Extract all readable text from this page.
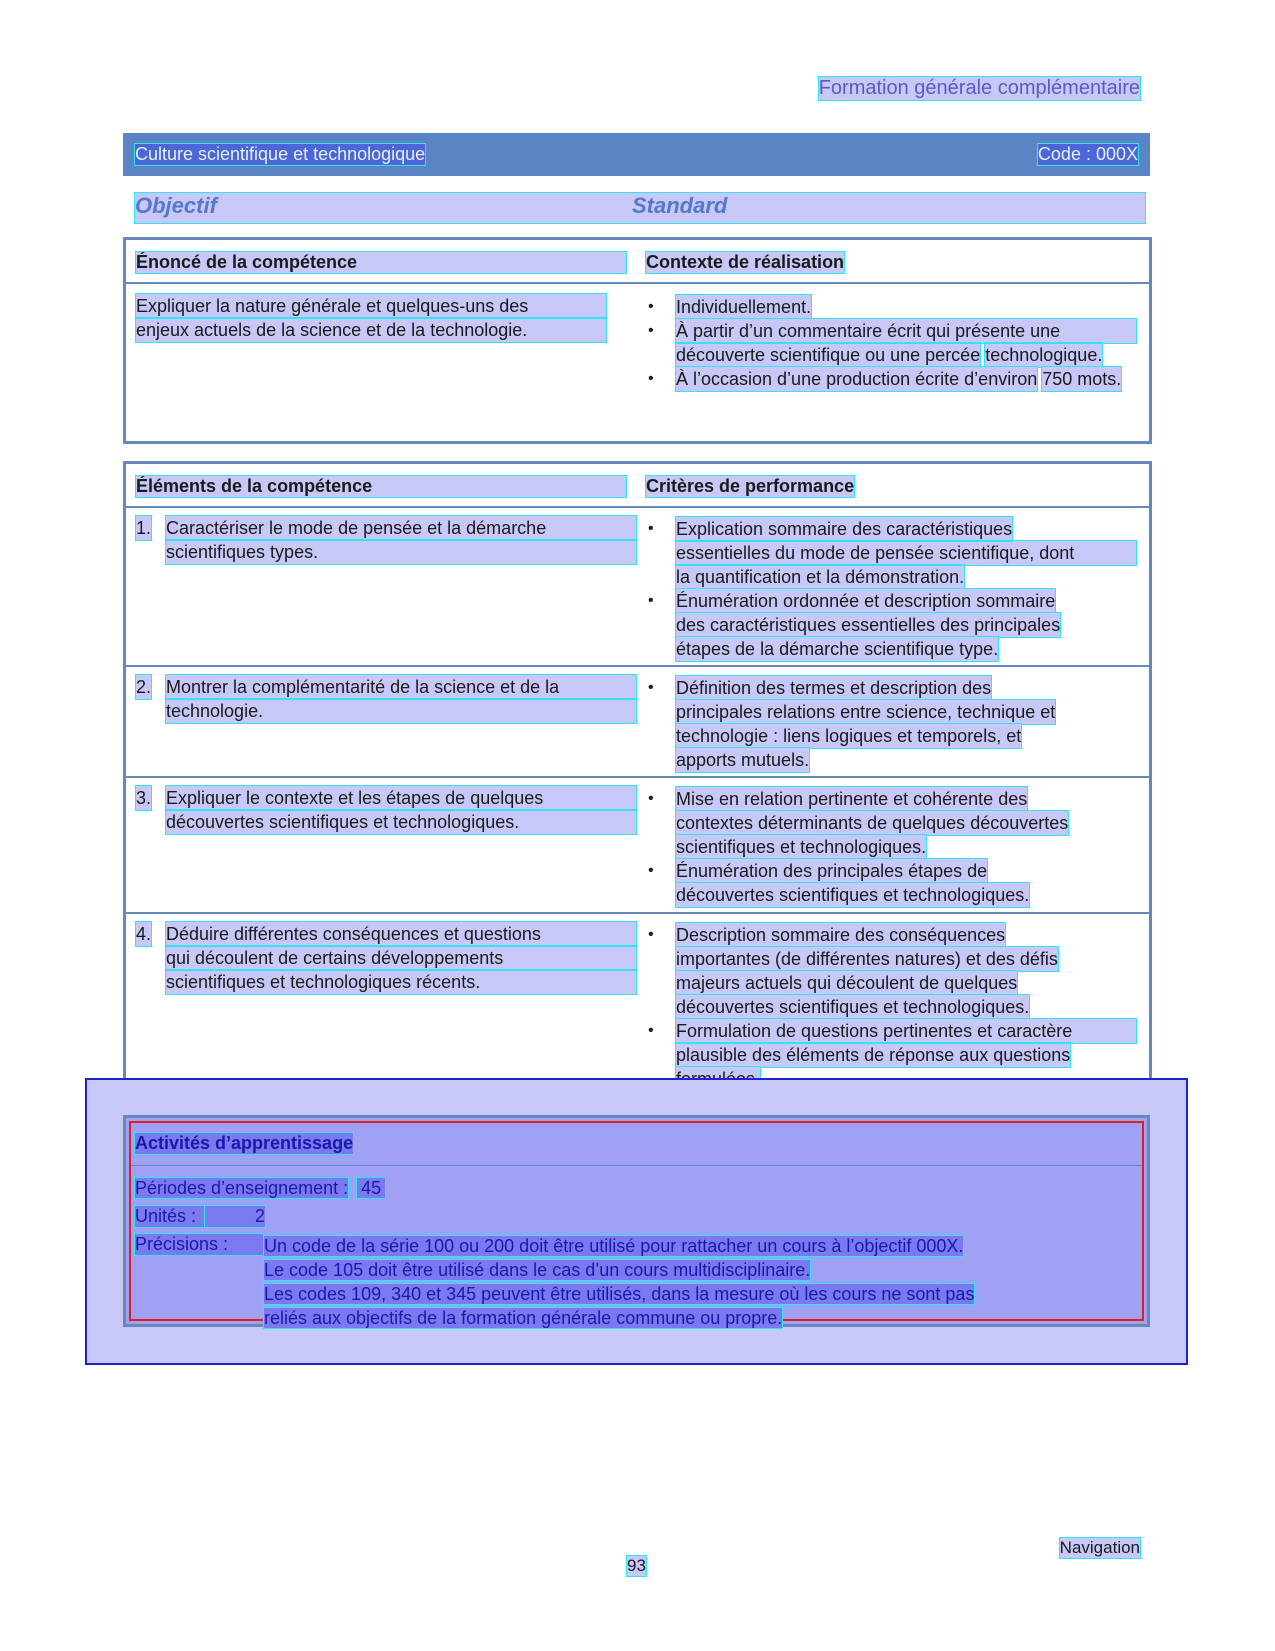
Formation générale complémentaire
Culture scientifique et technologique	Code : 000X
Objectif	Standard
Énoncé de la compétence	Contexte de réalisation
Expliquer la nature générale et quelques-uns des
enjeux actuels de la science et de la technologie.
• Individuellement.
• À partir d’un commentaire écrit qui présente une
découverte scientifique ou une percée technologique.
• À l’occasion d’une production écrite d’environ 750 mots.
Éléments de la compétence	Critères de performance
1. Caractériser le mode de pensée et la démarche
scientifiques types.
• Explication sommaire des caractéristiques
essentielles du mode de pensée scientifique, dont
la quantification et la démonstration.
• Énumération ordonnée et description sommaire des caractéristiques essentielles des principales étapes de la démarche scientifique type.
2. Montrer la complémentarité de la science et de la
technologie.
• Définition des termes et description des principales relations entre science, technique et technologie : liens logiques et temporels, et apports mutuels.
3. Expliquer le contexte et les étapes de quelques
découvertes scientifiques et technologiques.
• Mise en relation pertinente et cohérente des contextes déterminants de quelques découvertes scientifiques et technologiques.
• Énumération des principales étapes de découvertes scientifiques et technologiques.
4. Déduire différentes conséquences et questions
qui découlent de certains développements
scientifiques et technologiques récents.
• Description sommaire des conséquences importantes (de différentes natures) et des défis majeurs actuels qui découlent de quelques découvertes scientifiques et technologiques.
• Formulation de questions pertinentes et caractère
plausible des éléments de réponse aux questions
Activités d’apprentissage
Périodes d’enseignement : 45
Unités :	2
Précisions :	Un code de la série 100 ou 200 doit être utilisé pour rattacher un cours à l’objectif 000X.
Le code 105 doit être utilisé dans le cas d’un cours multidisciplinaire.
Les codes 109, 340 et 345 peuvent être utilisés, dans la mesure où les cours ne sont pas
reliés aux objectifs de la formation générale commune ou propre.
Navigation
93
